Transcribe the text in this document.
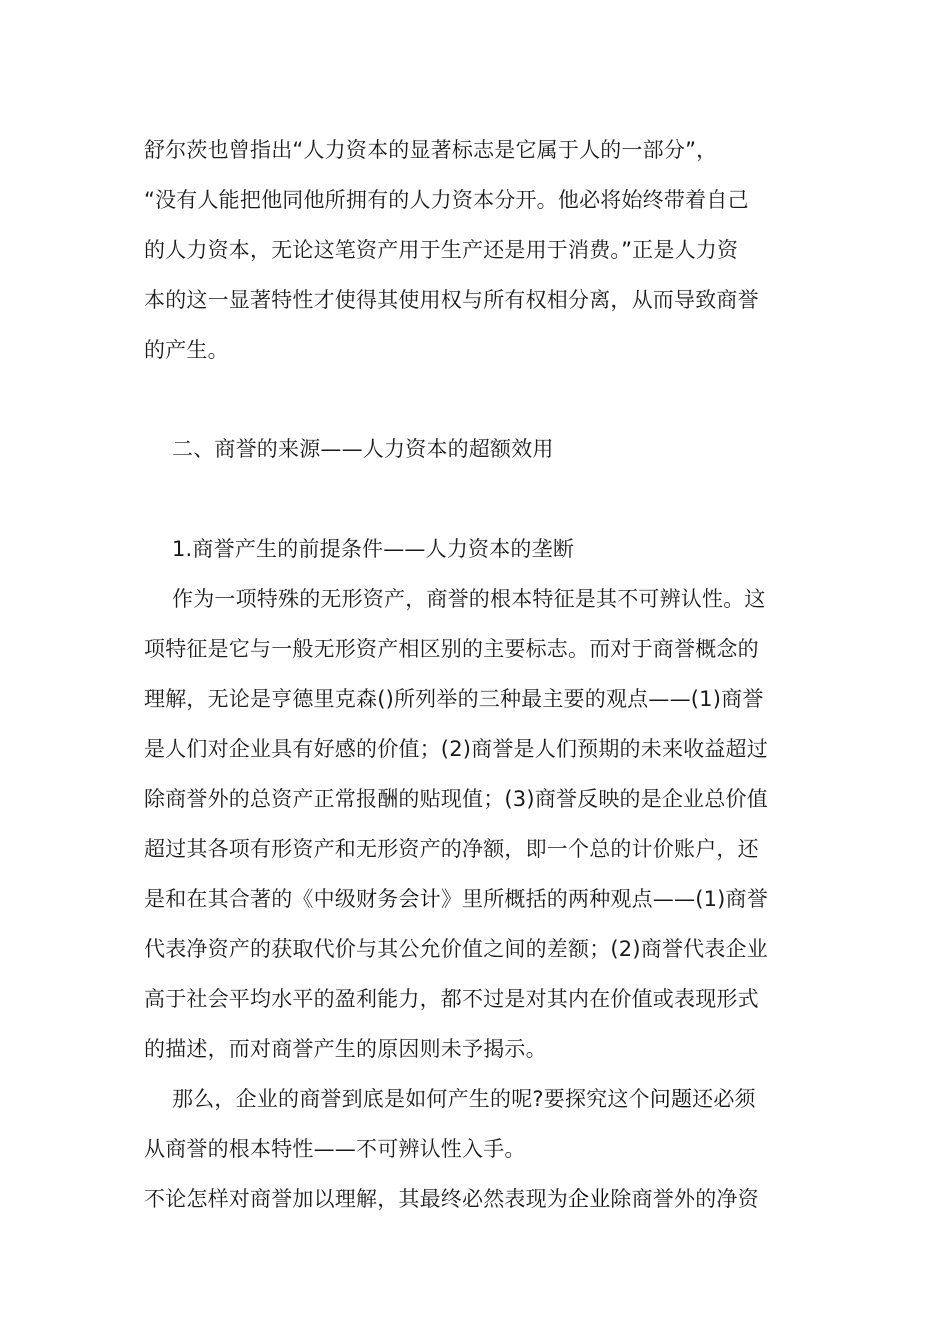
舒尔茨也曾指出“人力资本的显著标志是它属于人的一部分”，
“没有人能把他同他所拥有的人力资本分开。他必将始终带着自己
的人力资本，无论这笔资产用于生产还是用于消费。”正是人力资
本的这一显著特性才使得其使用权与所有权相分离，从而导致商誉
的产生。
二、商誉的来源——人力资本的超额效用
1.商誉产生的前提条件——人力资本的垄断
作为一项特殊的无形资产，商誉的根本特征是其不可辨认性。这
项特征是它与一般无形资产相区别的主要标志。而对于商誉概念的
理解，无论是亨德里克森()所列举的三种最主要的观点——(1)商誉
是人们对企业具有好感的价值；(2)商誉是人们预期的未来收益超过
除商誉外的总资产正常报酬的贴现值；(3)商誉反映的是企业总价值
超过其各项有形资产和无形资产的净额，即一个总的计价账户，还
是和在其合著的《中级财务会计》里所概括的两种观点——(1)商誉
代表净资产的获取代价与其公允价值之间的差额；(2)商誉代表企业
高于社会平均水平的盈利能力，都不过是对其内在价值或表现形式
的描述，而对商誉产生的原因则未予揭示。
那么，企业的商誉到底是如何产生的呢?要探究这个问题还必须
从商誉的根本特性——不可辨认性入手。
不论怎样对商誉加以理解，其最终必然表现为企业除商誉外的净资
